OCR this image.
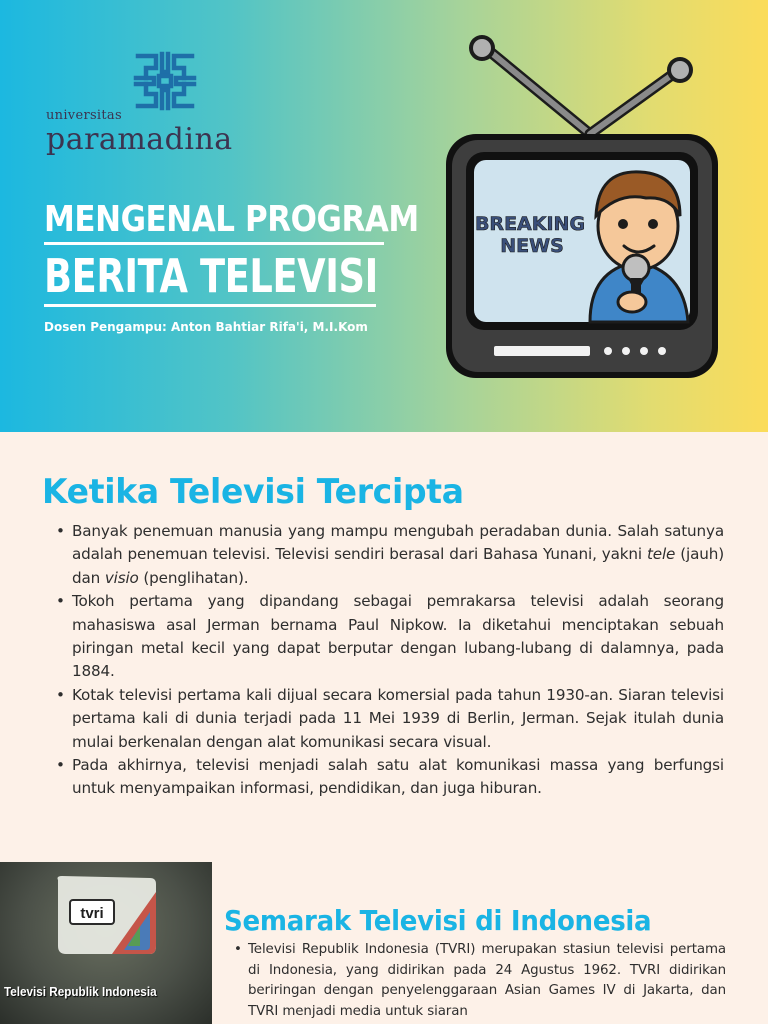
universitas
paramadina
MENGENAL PROGRAM
BERITA TELEVISI
Dosen Pengampu: Anton Bahtiar Rifa'i, M.I.Kom
BREAKING
NEWS
Ketika Televisi Tercipta
• Banyak penemuan manusia yang mampu mengubah peradaban dunia. Salah satunya adalah penemuan televisi. Televisi sendiri berasal dari Bahasa Yunani, yakni tele (jauh) dan visio (penglihatan).
• Tokoh pertama yang dipandang sebagai pemrakarsa televisi adalah seorang mahasiswa asal Jerman bernama Paul Nipkow. Ia diketahui menciptakan sebuah piringan metal kecil yang dapat berputar dengan lubang-lubang di dalamnya, pada 1884.
• Kotak televisi pertama kali dijual secara komersial pada tahun 1930-an. Siaran televisi pertama kali di dunia terjadi pada 11 Mei 1939 di Berlin, Jerman. Sejak itulah dunia mulai berkenalan dengan alat komunikasi secara visual.
• Pada akhirnya, televisi menjadi salah satu alat komunikasi massa yang berfungsi untuk menyampaikan informasi, pendidikan, dan juga hiburan.
tvri
Televisi Republik Indonesia
Semarak Televisi di Indonesia
• Televisi Republik Indonesia (TVRI) merupakan stasiun televisi pertama di Indonesia, yang didirikan pada 24 Agustus 1962. TVRI didirikan beriringan dengan penyelenggaraan Asian Games IV di Jakarta, dan TVRI menjadi media untuk siaran
